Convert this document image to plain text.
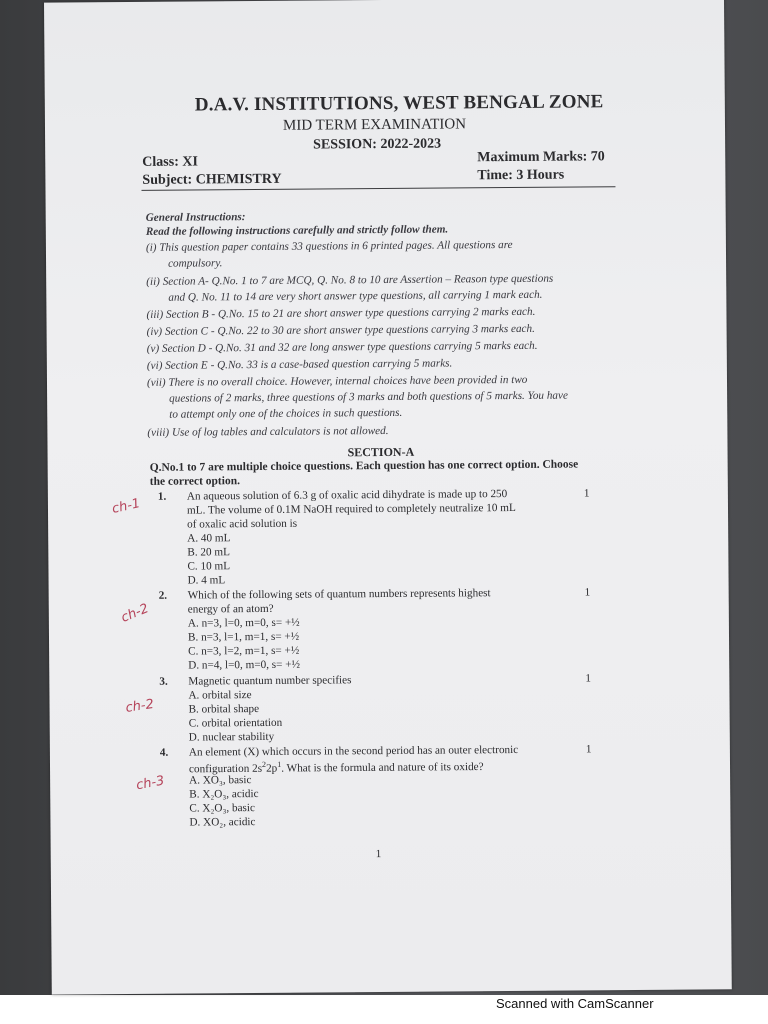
D.A.V. INSTITUTIONS, WEST BENGAL ZONE
MID TERM EXAMINATION
SESSION: 2022-2023
Class: XI
Subject: CHEMISTRY
Maximum Marks: 70
Time: 3 Hours
General Instructions:
Read the following instructions carefully and strictly follow them.
(i) This question paper contains 33 questions in 6 printed pages. All questions are
compulsory.
(ii) Section A- Q.No. 1 to 7 are MCQ, Q. No. 8 to 10 are Assertion – Reason type questions
and Q. No. 11 to 14 are very short answer type questions, all carrying 1 mark each.
(iii) Section B - Q.No. 15 to 21 are short answer type questions carrying 2 marks each.
(iv) Section C - Q.No. 22 to 30 are short answer type questions carrying 3 marks each.
(v) Section D - Q.No. 31 and 32 are long answer type questions carrying 5 marks each.
(vi) Section E - Q.No. 33 is a case-based question carrying 5 marks.
(vii) There is no overall choice. However, internal choices have been provided in two
questions of 2 marks, three questions of 3 marks and both questions of 5 marks. You have
to attempt only one of the choices in such questions.
(viii) Use of log tables and calculators is not allowed.
SECTION-A
Q.No.1 to 7 are multiple choice questions. Each question has one correct option. Choose
the correct option.
ch-1 1. An aqueous solution of 6.3 g of oxalic acid dihydrate is made up to 250
mL. The volume of 0.1M NaOH required to completely neutralize 10 mL
of oxalic acid solution is
1
A. 40 mL
B. 20 mL
C. 10 mL
D. 4 mL
ch-2
2. Which of the following sets of quantum numbers represents highest
energy of an atom?
1
A. n=3, l=0, m=0, s= +½
B. n=3, l=1, m=1, s= +½
C. n=3, l=2, m=1, s= +½
D. n=4, l=0, m=0, s= +½
ch-2
3. Magnetic quantum number specifies	1
A. orbital size
B. orbital shape
C. orbital orientation
D. nuclear stability
ch-3
4. An element (X) which occurs in the second period has an outer electronic
configuration $2s^22p^1$. What is the formula and nature of its oxide?
1
A. XO₃, basic
B. X₂O₃, acidic
C. X₂O₃, basic
D. XO₂, acidic
1
Scanned with CamScanner
